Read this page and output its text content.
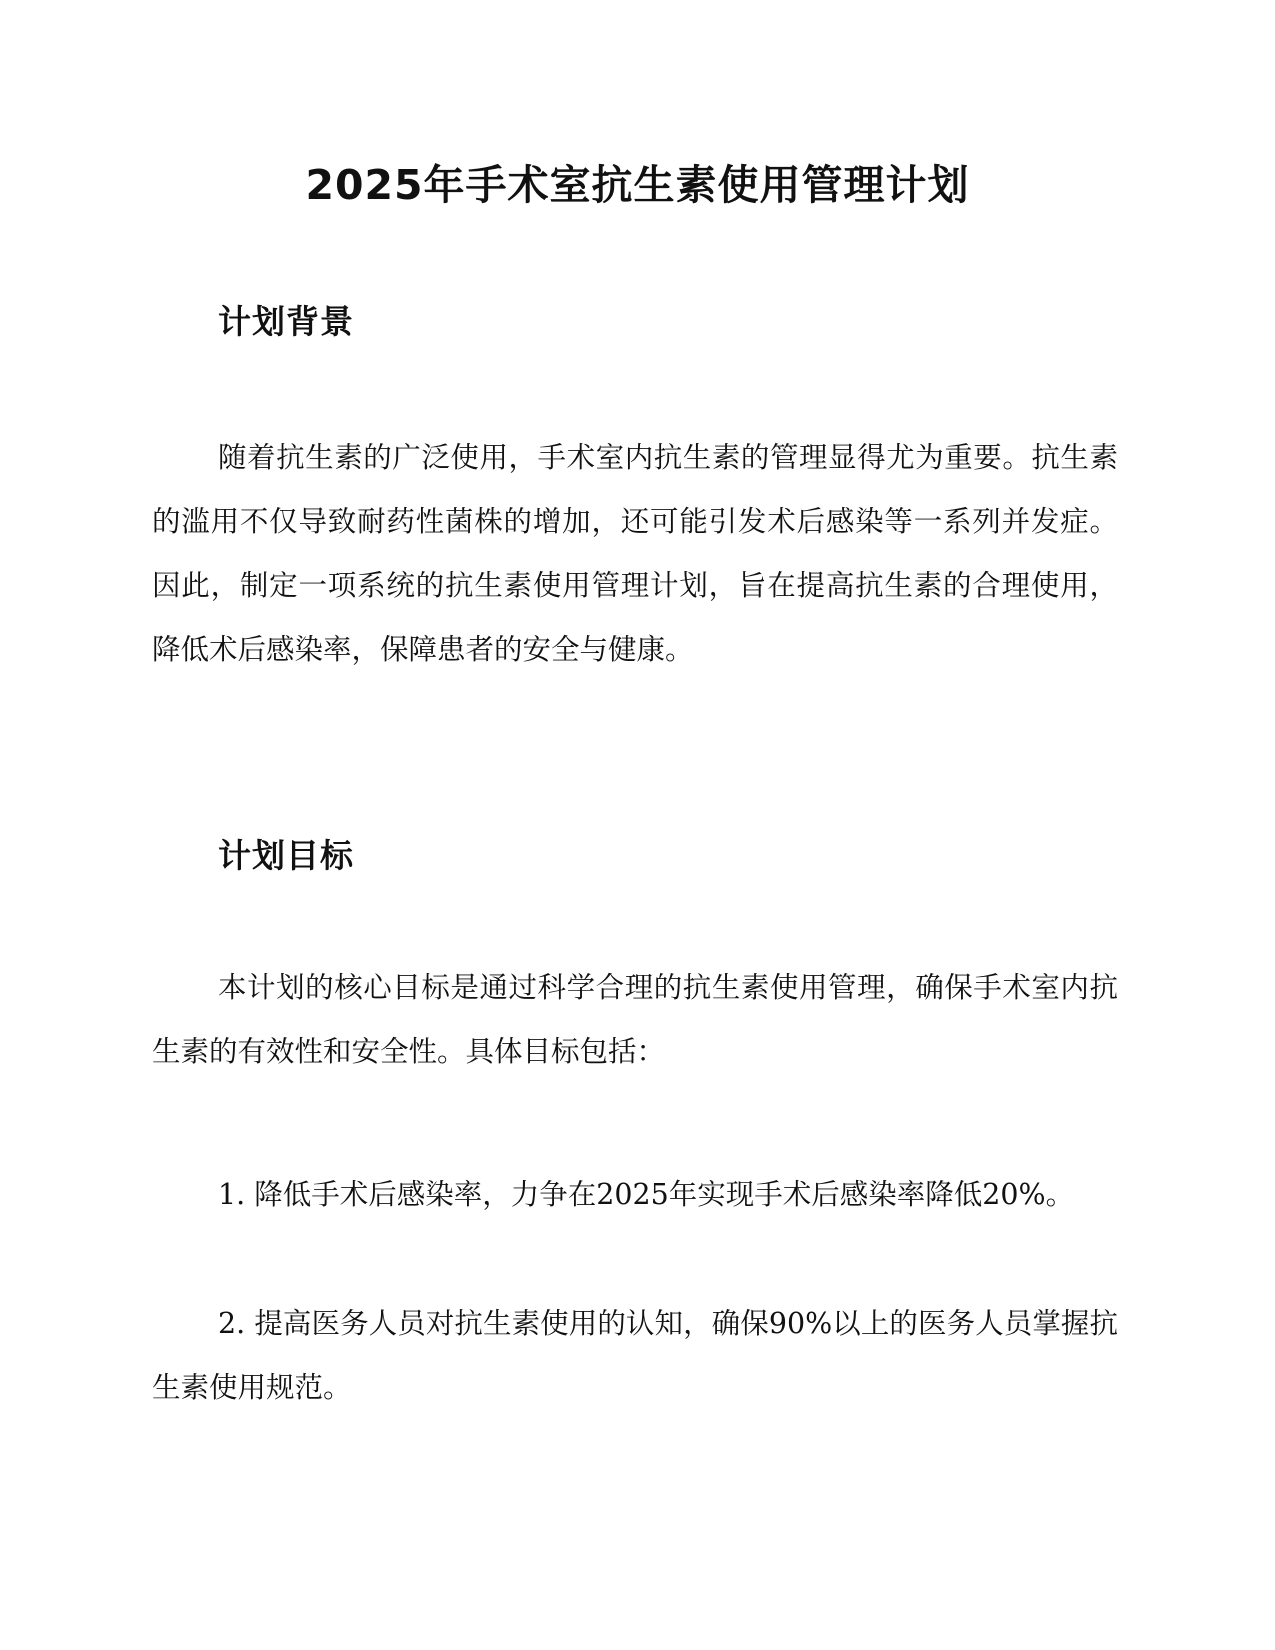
2025年手术室抗生素使用管理计划
计划背景

随着抗生素的广泛使用，手术室内抗生素的管理显得尤为重要。抗生素的滥用不仅导致耐药性菌株的增加，还可能引发术后感染等一系列并发症。因此，制定一项系统的抗生素使用管理计划，旨在提高抗生素的合理使用，降低术后感染率，保障患者的安全与健康。

计划目标

本计划的核心目标是通过科学合理的抗生素使用管理，确保手术室内抗生素的有效性和安全性。具体目标包括：

1. 降低手术后感染率，力争在2025年实现手术后感染率降低20%。

2. 提高医务人员对抗生素使用的认知，确保90%以上的医务人员掌握抗生素使用规范。
